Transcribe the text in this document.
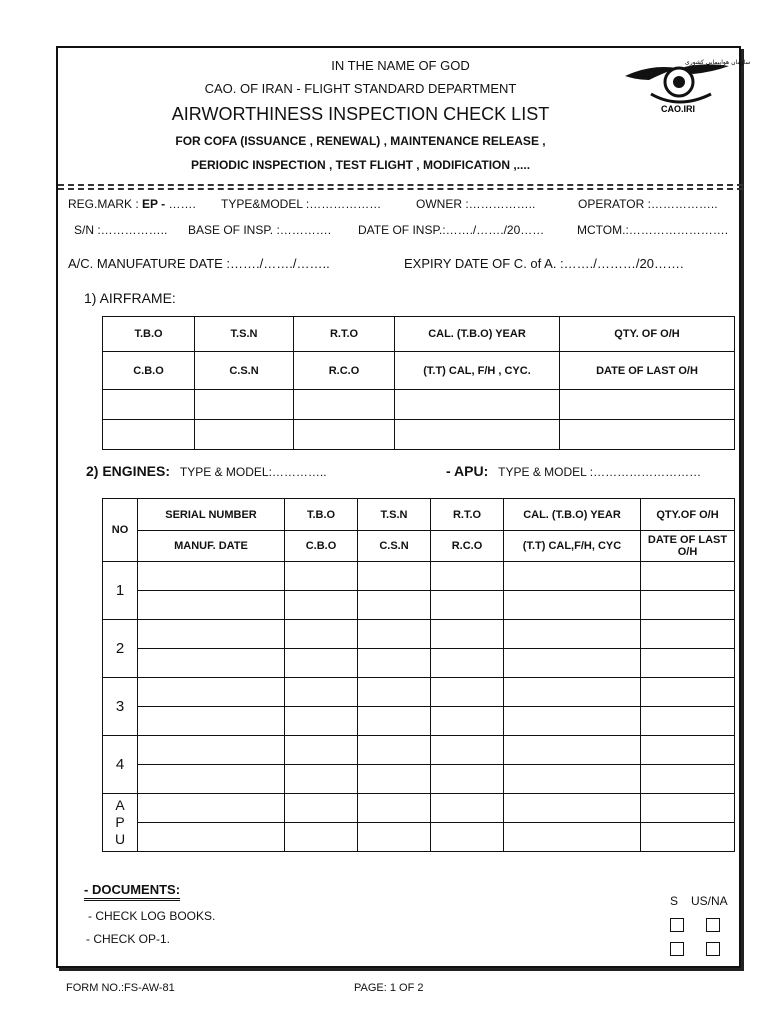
IN THE NAME OF GOD
CAO. OF IRAN - FLIGHT STANDARD DEPARTMENT
AIRWORTHINESS INSPECTION CHECK LIST
FOR COFA (ISSUANCE , RENEWAL) , MAINTENANCE RELEASE ,
PERIODIC INSPECTION , TEST FLIGHT , MODIFICATION ,....
CAO.IRI
سازمان هواپیمایی کشوری
REG.MARK : EP - ……. TYPE&MODEL :………………	OWNER :……………..	OPERATOR :……………..
S/N :…………….. BASE OF INSP. :…………. DATE OF INSP.:……./……./20……	MCTOM.:…………………….
A/C. MANUFATURE DATE :……./……./……..	EXPIRY DATE OF C. of A. :……./………/20…….
1) AIRFRAME:
T.B.O	T.S.N	R.T.O	CAL. (T.B.O) YEAR	QTY. OF O/H
C.B.O	C.S.N	R.C.O	(T.T) CAL, F/H , CYC.	DATE OF LAST O/H

2) ENGINES: TYPE & MODEL:…………..	- APU: TYPE & MODEL :………………………
NO	SERIAL NUMBER	T.B.O	T.S.N	R.T.O	CAL. (T.B.O) YEAR	QTY.OF O/H
	MANUF. DATE	C.B.O	C.S.N	R.C.O	(T.T) CAL,F/H, CYC	DATE OF LAST O/H
1						

2						

3						

4						

A
P
U						

- DOCUMENTS:
- CHECK LOG BOOKS.
- CHECK OP-1.
S US/NA
FORM NO.:FS-AW-81	PAGE: 1 OF 2
